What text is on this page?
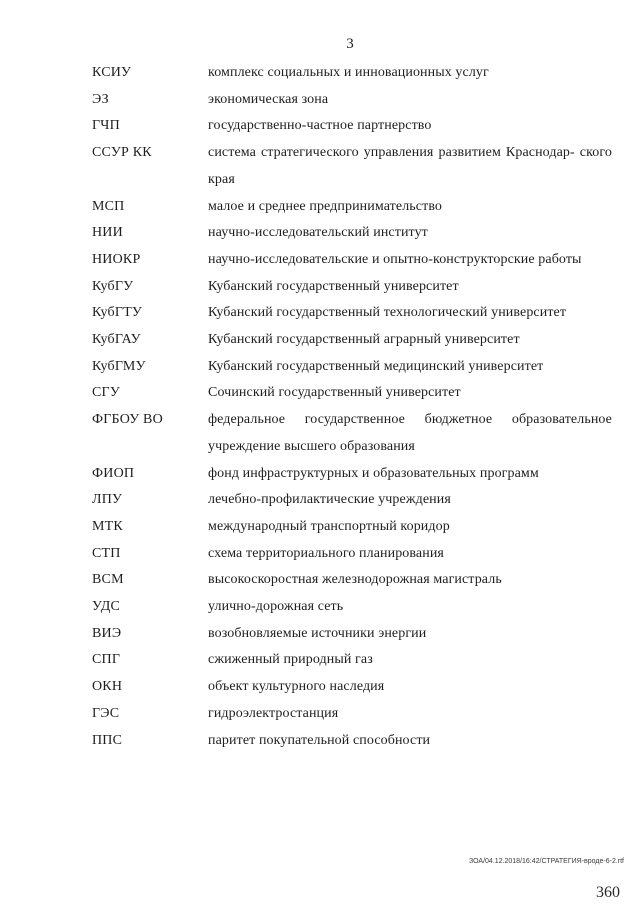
3
КСИУ	комплекс социальных и инновационных услуг
ЭЗ	экономическая зона
ГЧП	государственно-частное партнерство
ССУР КК	система стратегического управления развитием Краснодар- ского края
МСП	малое и среднее предпринимательство
НИИ	научно-исследовательский институт
НИОКР	научно-исследовательские и опытно-конструкторские работы
КубГУ	Кубанский государственный университет
КубГТУ	Кубанский государственный технологический университет
КубГАУ	Кубанский государственный аграрный университет
КубГМУ	Кубанский государственный медицинский университет
СГУ	Сочинский государственный университет
ФГБОУ ВО	федеральное государственное бюджетное образовательное учреждение высшего образования
ФИОП	фонд инфраструктурных и образовательных программ
ЛПУ	лечебно-профилактические учреждения
МТК	международный транспортный коридор
СТП	схема территориального планирования
ВСМ	высокоскоростная железнодорожная магистраль
УДС	улично-дорожная сеть
ВИЭ	возобновляемые источники энергии
СПГ	сжиженный природный газ
ОКН	объект культурного наследия
ГЭС	гидроэлектростанция
ППС	паритет покупательной способности
ЗОА/04.12.2018/16:42/СТРАТЕГИЯ-вроде-6-2.rtf
360
